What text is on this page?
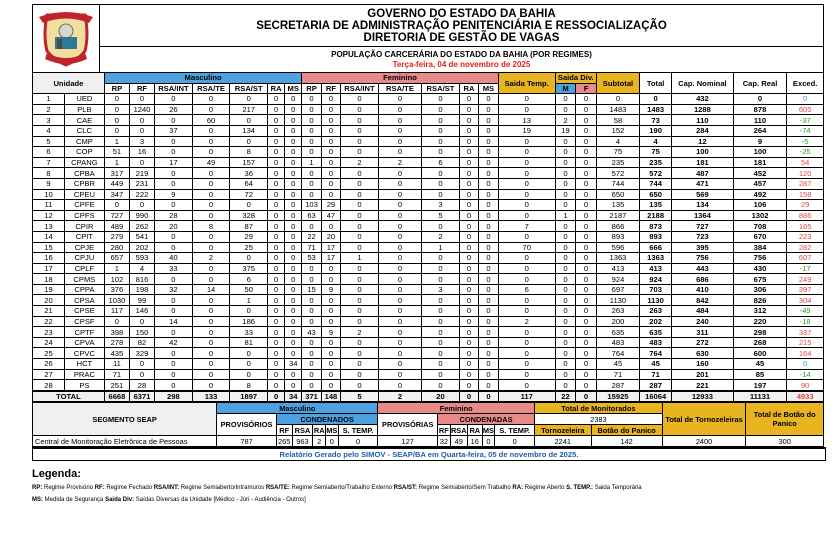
GOVERNO DO ESTADO DA BAHIA
SECRETARIA DE ADMINISTRAÇÃO PENITENCIÁRIA E RESSOCIALIZAÇÃO
DIRETORIA DE GESTÃO DE VAGAS

POPULAÇÃO CARCERÁRIA DO ESTADO DA BAHIA (POR REGIMES)
Terça-feira, 04 de novembro de 2025
Unidade		Masculino							Feminino							Saida Temp.	Saida Div.		Subtotal	Total	Cap. Nominal	Cap. Real	Exced.
		RP	RF	RSA/INT	RSA/TE	RSA/ST	RA	MS	RP	RF	RSA/INT	RSA/TE	RSA/ST	RA	MS		M	F					
1	UED	0	0	0	0	0	0	0	0	0	0	0	0	0	0	0	0	0	0	0	432	0	0
2	PLB	0	1240	26	0	217	0	0	0	0	0	0	0	0	0	0	0	0	1483	1483	1288	878	605
3	CAE	0	0	0	60	0	0	0	0	0	0	0	0	0	0	13	2	0	58	73	110	110	-37
4	CLC	0	0	37	0	134	0	0	0	0	0	0	0	0	0	19	19	0	152	190	284	264	-74
5	CMP	1	3	0	0	0	0	0	0	0	0	0	0	0	0	0	0	0	4	4	12	9	-5
6	COP	51	16	0	0	8	0	0	0	0	0	0	0	0	0	0	0	0	75	75	100	100	-25
7	CPANG	1	0	17	49	157	0	0	1	0	2	2	6	0	0	0	0	0	235	235	181	181	54
8	CPBA	317	219	0	0	36	0	0	0	0	0	0	0	0	0	0	0	0	572	572	487	452	120
9	CPBR	449	231	0	0	64	0	0	0	0	0	0	0	0	0	0	0	0	744	744	471	457	287
10	CPEU	347	222	9	0	72	0	0	0	0	0	0	0	0	0	0	0	0	650	650	569	492	158
11	CPFE	0	0	0	0	0	0	0	103	29	0	0	3	0	0	0	0	0	135	135	134	106	29
12	CPFS	727	990	28	0	328	0	0	63	47	0	0	5	0	0	0	1	0	2187	2188	1364	1302	886
13	CPIR	489	262	20	8	87	0	0	0	0	0	0	0	0	0	7	0	0	866	873	727	708	165
14	CPIT	279	541	0	0	29	0	0	22	20	0	0	2	0	0	0	0	0	893	893	723	670	223
15	CPJE	280	202	0	0	25	0	0	71	17	0	0	1	0	0	70	0	0	596	666	395	384	282
16	CPJU	657	593	40	2	0	0	0	53	17	1	0	0	0	0	0	0	0	1363	1363	756	756	607
17	CPLF	1	4	33	0	375	0	0	0	0	0	0	0	0	0	0	0	0	413	413	443	430	-17
18	CPMS	102	816	0	0	6	0	0	0	0	0	0	0	0	0	0	0	0	924	924	686	675	249
19	CPPA	376	198	32	14	50	0	0	15	9	0	0	3	0	0	6	0	0	697	703	410	306	397
20	CPSA	1030	99	0	0	1	0	0	0	0	0	0	0	0	0	0	0	0	1130	1130	842	826	304
21	CPSE	117	146	0	0	0	0	0	0	0	0	0	0	0	0	0	0	0	263	263	484	312	-49
22	CPSF	0	0	14	0	186	0	0	0	0	0	0	0	0	0	2	0	0	200	202	240	220	-18
23	CPTF	398	150	0	0	33	0	0	43	9	2	0	0	0	0	0	0	0	635	635	311	298	337
24	CPVA	278	82	42	0	81	0	0	0	0	0	0	0	0	0	0	0	0	483	483	272	268	215
25	CPVC	435	329	0	0	0	0	0	0	0	0	0	0	0	0	0	0	0	764	764	630	600	164
26	HCT	11	0	0	0	0	0	34	0	0	0	0	0	0	0	0	0	0	45	45	160	45	0
27	PRAC	71	0	0	0	0	0	0	0	0	0	0	0	0	0	0	0	0	71	71	201	85	-14
28	PS	251	28	0	0	8	0	0	0	0	0	0	0	0	0	0	0	0	287	287	221	197	90
TOTAL		6668	6371	298	133	1897	0	34	371	148	5	2	20	0	0	117	22	0	15925	16064	12933	11131	4933
SEGMENTO SEAP	Masculino						Feminino						Total de Monitorados		Total de Tornozeleiras	Total de Botão do Panico
	PROVISÓRIOS	CONDENADOS					PROVISÓRIAS	CONDENADAS					2383			
		RF	RSA	RA	MS	S. TEMP.		RF	RSA	RA	MS	S. TEMP.	Tornozeleira	Botão do Panico		
Central de Monitoração Eletrônica de Pessoas	787	265	963	2	0	0	127	32	49	16	0	0	2241	142	2400	300
Relatório Gerado pelo SIMOV - SEAP/BA em Quarta-feira, 05 de novembro de 2025.
Legenda:
RP: Regime Provisório RF: Regime Fechado RSA/INT: Regime Semiaberto/Intramuros RSA/TE: Regime Semiaberto/Trabalho Externo RSA/ST: Regime Semiaberto/Sem Trabalho RA: Regime Aberto S. TEMP.: Saida Temporária
MS: Medida de Segurança Saida Div: Saídas Diversas da Unidade [Médico - Júri - Audiência - Outros]
